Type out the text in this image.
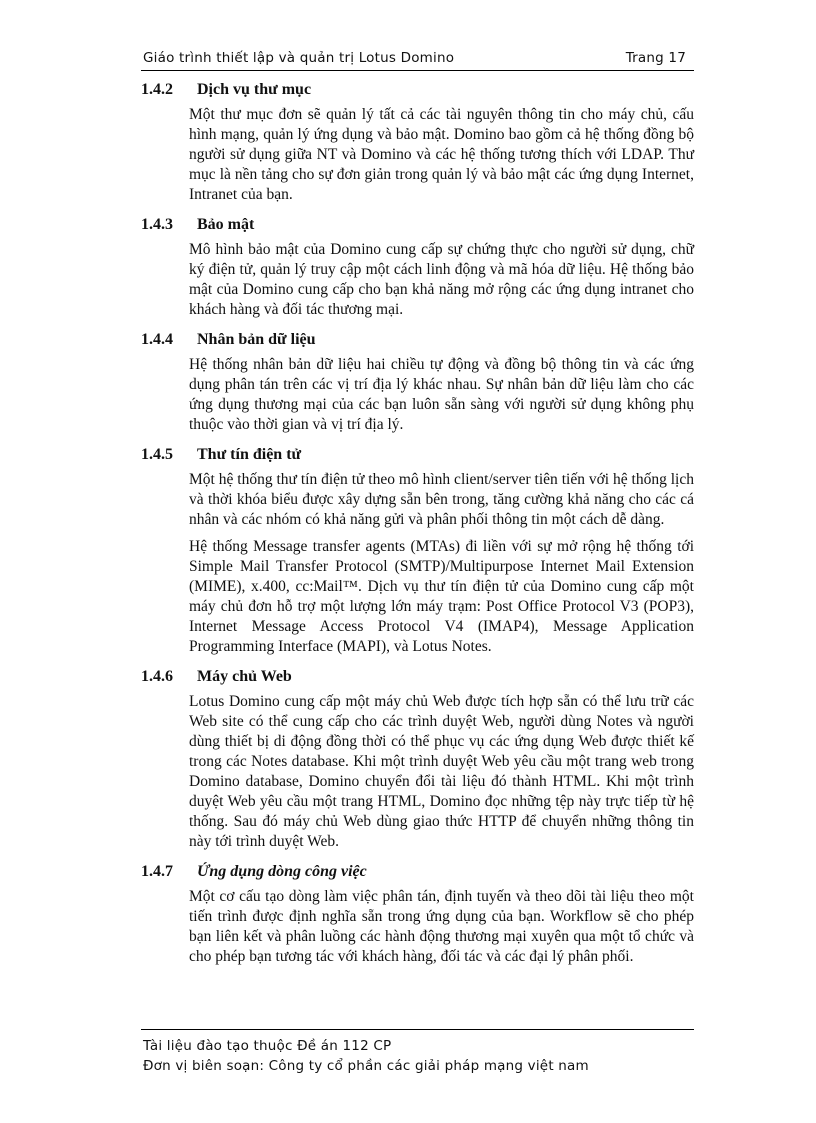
Giáo trình thiết lập và quản trị Lotus Domino	Trang 17
1.4.2	Dịch vụ thư mục

Một thư mục đơn sẽ quản lý tất cả các tài nguyên thông tin cho máy chủ, cấu hình mạng, quản lý ứng dụng và bảo mật. Domino bao gồm cả hệ thống đồng bộ người sử dụng giữa NT và Domino và các hệ thống tương thích với LDAP. Thư mục là nền tảng cho sự đơn giản trong quản lý và bảo mật các ứng dụng Internet, Intranet của bạn.

1.4.3	Bảo mật

Mô hình bảo mật của Domino cung cấp sự chứng thực cho người sử dụng, chữ ký điện tử, quản lý truy cập một cách linh động và mã hóa dữ liệu. Hệ thống bảo mật của Domino cung cấp cho bạn khả năng mở rộng các ứng dụng intranet cho khách hàng và đối tác thương mại.

1.4.4	Nhân bản dữ liệu

Hệ thống nhân bản dữ liệu hai chiều tự động và đồng bộ thông tin và các ứng dụng phân tán trên các vị trí địa lý khác nhau. Sự nhân bản dữ liệu làm cho các ứng dụng thương mại của các bạn luôn sẵn sàng với người sử dụng không phụ thuộc vào thời gian và vị trí địa lý.

1.4.5	Thư tín điện tử

Một hệ thống thư tín điện tử theo mô hình client/server tiên tiến với hệ thống lịch và thời khóa biểu được xây dựng sẵn bên trong, tăng cường khả năng cho các cá nhân và các nhóm có khả năng gửi và phân phối thông tin một cách dễ dàng.

Hệ thống Message transfer agents (MTAs) đi liền với sự mở rộng hệ thống tới Simple Mail Transfer Protocol (SMTP)/Multipurpose Internet Mail Extension (MIME), x.400, cc:Mail™. Dịch vụ thư tín điện tử của Domino cung cấp một máy chủ đơn hỗ trợ một lượng lớn máy trạm: Post Office Protocol V3 (POP3), Internet Message Access Protocol V4 (IMAP4), Message Application Programming Interface (MAPI), và Lotus Notes.

1.4.6	Máy chủ Web

Lotus Domino cung cấp một máy chủ Web được tích hợp sẵn có thể lưu trữ các Web site có thể cung cấp cho các trình duyệt Web, người dùng Notes và người dùng thiết bị di động đồng thời có thể phục vụ các ứng dụng Web được thiết kế trong các Notes database. Khi một trình duyệt Web yêu cầu một trang web trong Domino database, Domino chuyển đổi tài liệu đó thành HTML. Khi một trình duyệt Web yêu cầu một trang HTML, Domino đọc những tệp này trực tiếp từ hệ thống. Sau đó máy chủ Web dùng giao thức HTTP để chuyển những thông tin này tới trình duyệt Web.

1.4.7	Ứng dụng dòng công việc

Một cơ cấu tạo dòng làm việc phân tán, định tuyến và theo dõi tài liệu theo một tiến trình được định nghĩa sẵn trong ứng dụng của bạn. Workflow sẽ cho phép bạn liên kết và phân luồng các hành động thương mại xuyên qua một tổ chức và cho phép bạn tương tác với khách hàng, đối tác và các đại lý phân phối.

Tài liệu đào tạo thuộc Đề án 112 CP
Đơn vị biên soạn: Công ty cổ phần các giải pháp mạng việt nam
